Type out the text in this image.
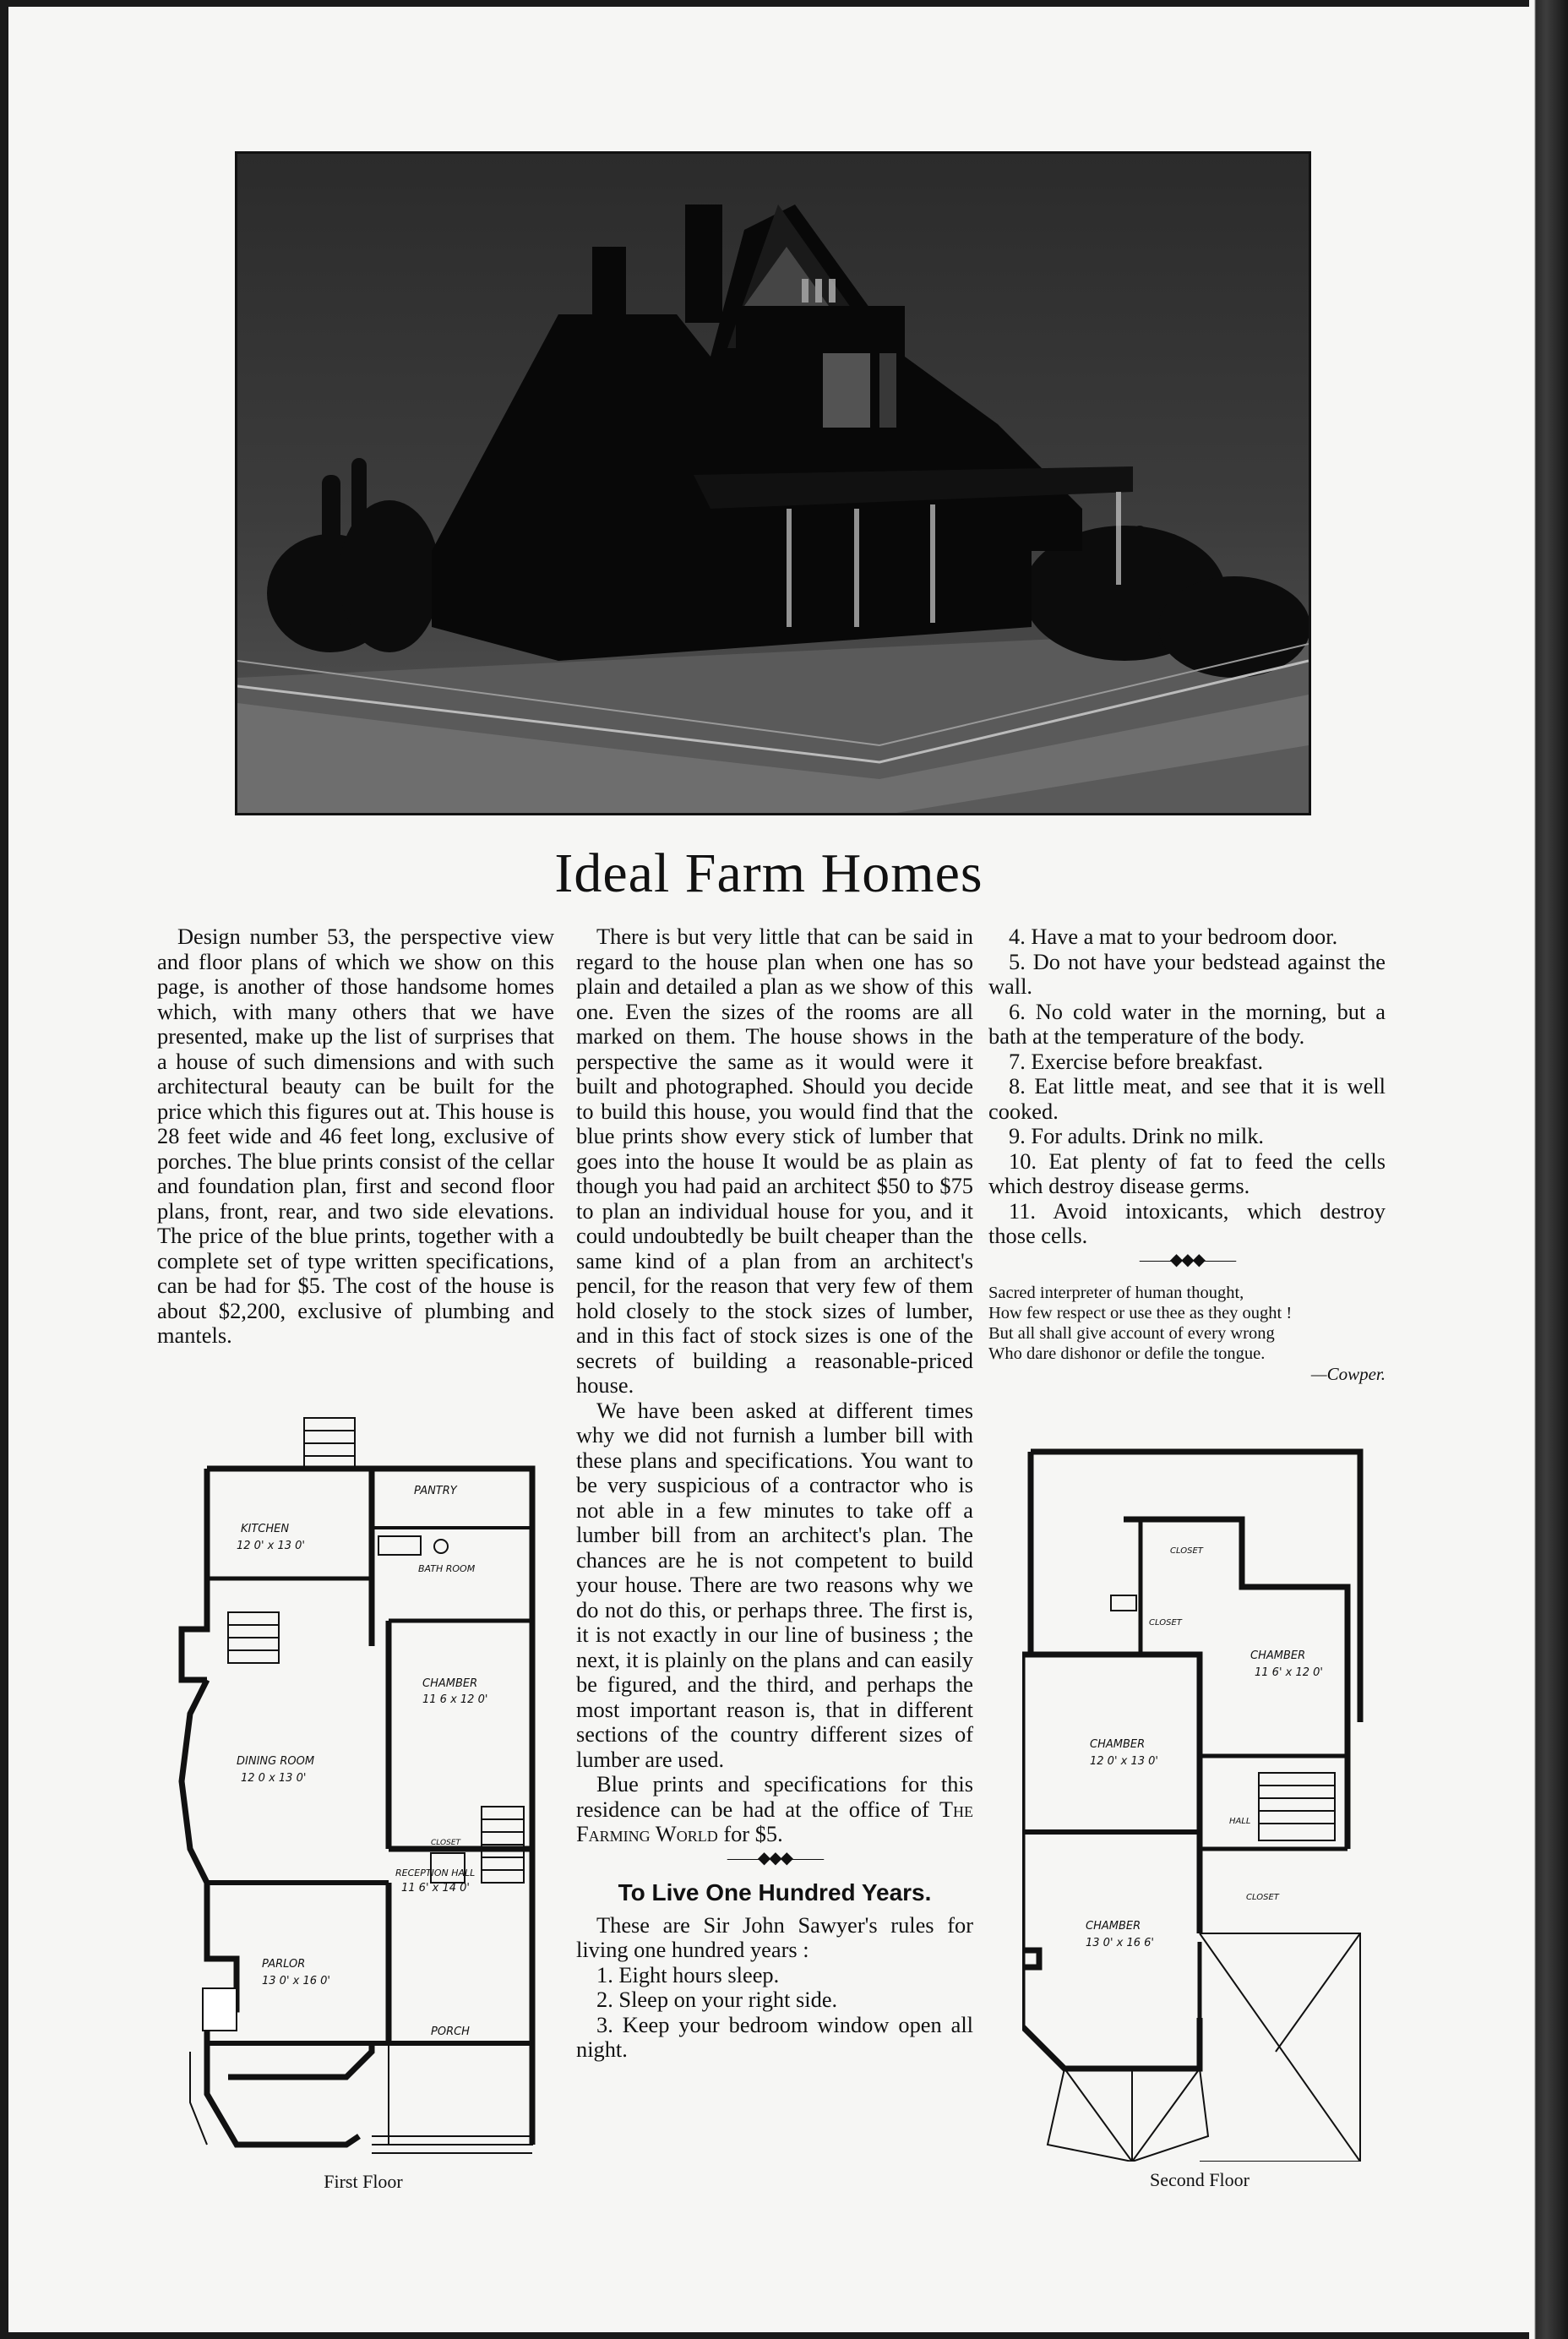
Ideal Farm Homes

Design number 53, the perspective view and floor plans of which we show on this page, is another of those handsome homes which, with many others that we have presented, make up the list of surprises that a house of such dimensions and with such architectural beauty can be built for the price which this figures out at. This house is 28 feet wide and 46 feet long, exclusive of porches. The blue prints consist of the cellar and foundation plan, first and second floor plans, front, rear, and two side elevations. The price of the blue prints, together with a complete set of type written specifications, can be had for $5. The cost of the house is about $2,200, exclusive of plumbing and mantels.

PANTRY
KITCHEN
12 0' x 13 0'
BATH ROOM
CHAMBER
11 6 x 12 0'
DINING ROOM
12 0 x 13 0'
RECEPTION HALL
11 6' x 14 0'
CLOSET
PARLOR
13 0' x 16 0'
PORCH
First Floor

There is but very little that can be said in regard to the house plan when one has so plain and detailed a plan as we show of this one. Even the sizes of the rooms are all marked on them. The house shows in the perspective the same as it would were it built and photographed. Should you decide to build this house, you would find that the blue prints show every stick of lumber that goes into the house It would be as plain as though you had paid an architect $50 to $75 to plan an individual house for you, and it could undoubtedly be built cheaper than the same kind of a plan from an architect's pencil, for the reason that very few of them hold closely to the stock sizes of lumber, and in this fact of stock sizes is one of the secrets of building a reasonable-priced house.

We have been asked at different times why we did not furnish a lumber bill with these plans and specifications. You want to be very suspicious of a contractor who is not able in a few minutes to take off a lumber bill from an architect's plan. The chances are he is not competent to build your house. There are two reasons why we do not do this, or perhaps three. The first is, it is not exactly in our line of business ; the next, it is plainly on the plans and can easily be figured, and the third, and perhaps the most important reason is, that in different sections of the country different sizes of lumber are used.

Blue prints and specifications for this residence can be had at the office of The Farming World for $5.

——◆◆◆——
To Live One Hundred Years.

These are Sir John Sawyer's rules for living one hundred years :

1. Eight hours sleep.

2. Sleep on your right side.

3. Keep your bedroom window open all night.

4. Have a mat to your bedroom door.

5. Do not have your bedstead against the wall.

6. No cold water in the morning, but a bath at the temperature of the body.

7. Exercise before breakfast.

8. Eat little meat, and see that it is well cooked.

9. For adults. Drink no milk.

10. Eat plenty of fat to feed the cells which destroy disease germs.

11. Avoid intoxicants, which destroy those cells.

——◆◆◆——
Sacred interpreter of human thought,
How few respect or use thee as they ought !
But all shall give account of every wrong
Who dare dishonor or defile the tongue.
—Cowper.
CLOSET
CLOSET
CHAMBER
11 6' x 12 0'
CHAMBER
12 0' x 13 0'
HALL
CLOSET
CHAMBER
13 0' x 16 6'
Second Floor
